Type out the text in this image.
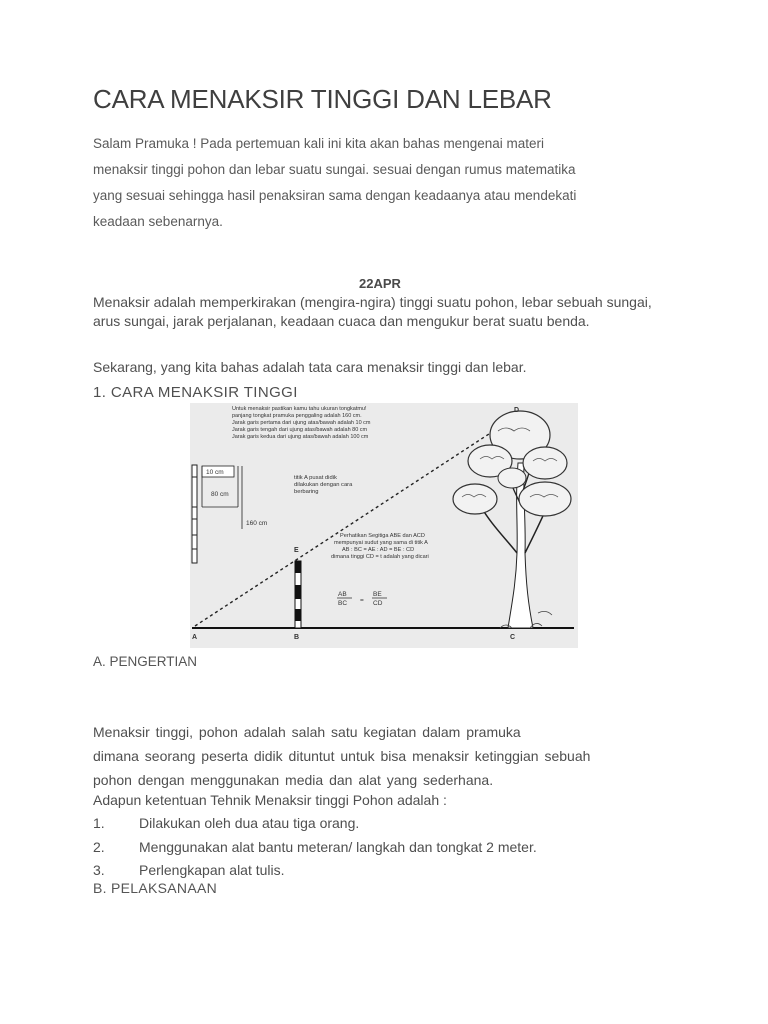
CARA MENAKSIR TINGGI DAN LEBAR

Salam Pramuka ! Pada pertemuan kali ini kita akan bahas mengenai materi

menaksir tinggi pohon dan lebar suatu sungai. sesuai dengan rumus matematika

yang sesuai sehingga hasil penaksiran sama dengan keadaanya atau mendekati

keadaan sebenarnya.

22APR
Menaksir adalah memperkirakan (mengira-ngira) tinggi suatu pohon, lebar sebuah sungai, arus sungai, jarak perjalanan, keadaan cuaca dan mengukur berat suatu benda.
Sekarang, yang kita bahas adalah tata cara menaksir tinggi dan lebar.
1. CARA MENAKSIR TINGGI
Untuk menaksir pastikan kamu tahu ukuran tongkatmu!
panjang tongkat pramuka penggaling adalah 160 cm.
Jarak garis pertama dari ujung atas/bawah adalah 10 cm
Jarak garis tengah dari ujung atas/bawah adalah 80 cm
Jarak garis kedua dari ujung atas/bawah adalah 100 cm
10 cm
80 cm
160 cm
titik A pusat didik
dilakukan dengan cara
berbaring
Perhatikan Segitiga ABE dan ACD
mempunyai sudut yang sama di titik A
AB : BC = AE : AD = BE : CD
dimana tinggi CD = t adalah yang dicari
AB
BC =
BE
CD
A	B	C
D
E
A. PENGERTIAN

Menaksir tinggi, pohon adalah salah satu kegiatan dalam pramuka

dimana seorang peserta didik dituntut untuk bisa menaksir ketinggian sebuah

pohon dengan menggunakan media dan alat yang sederhana.

Adapun ketentuan Tehnik Menaksir tinggi Pohon adalah :
1.	Dilakukan oleh dua atau tiga orang.
2.	Menggunakan alat bantu meteran/ langkah dan tongkat 2 meter.
3.	Perlengkapan alat tulis.
B. PELAKSANAAN
